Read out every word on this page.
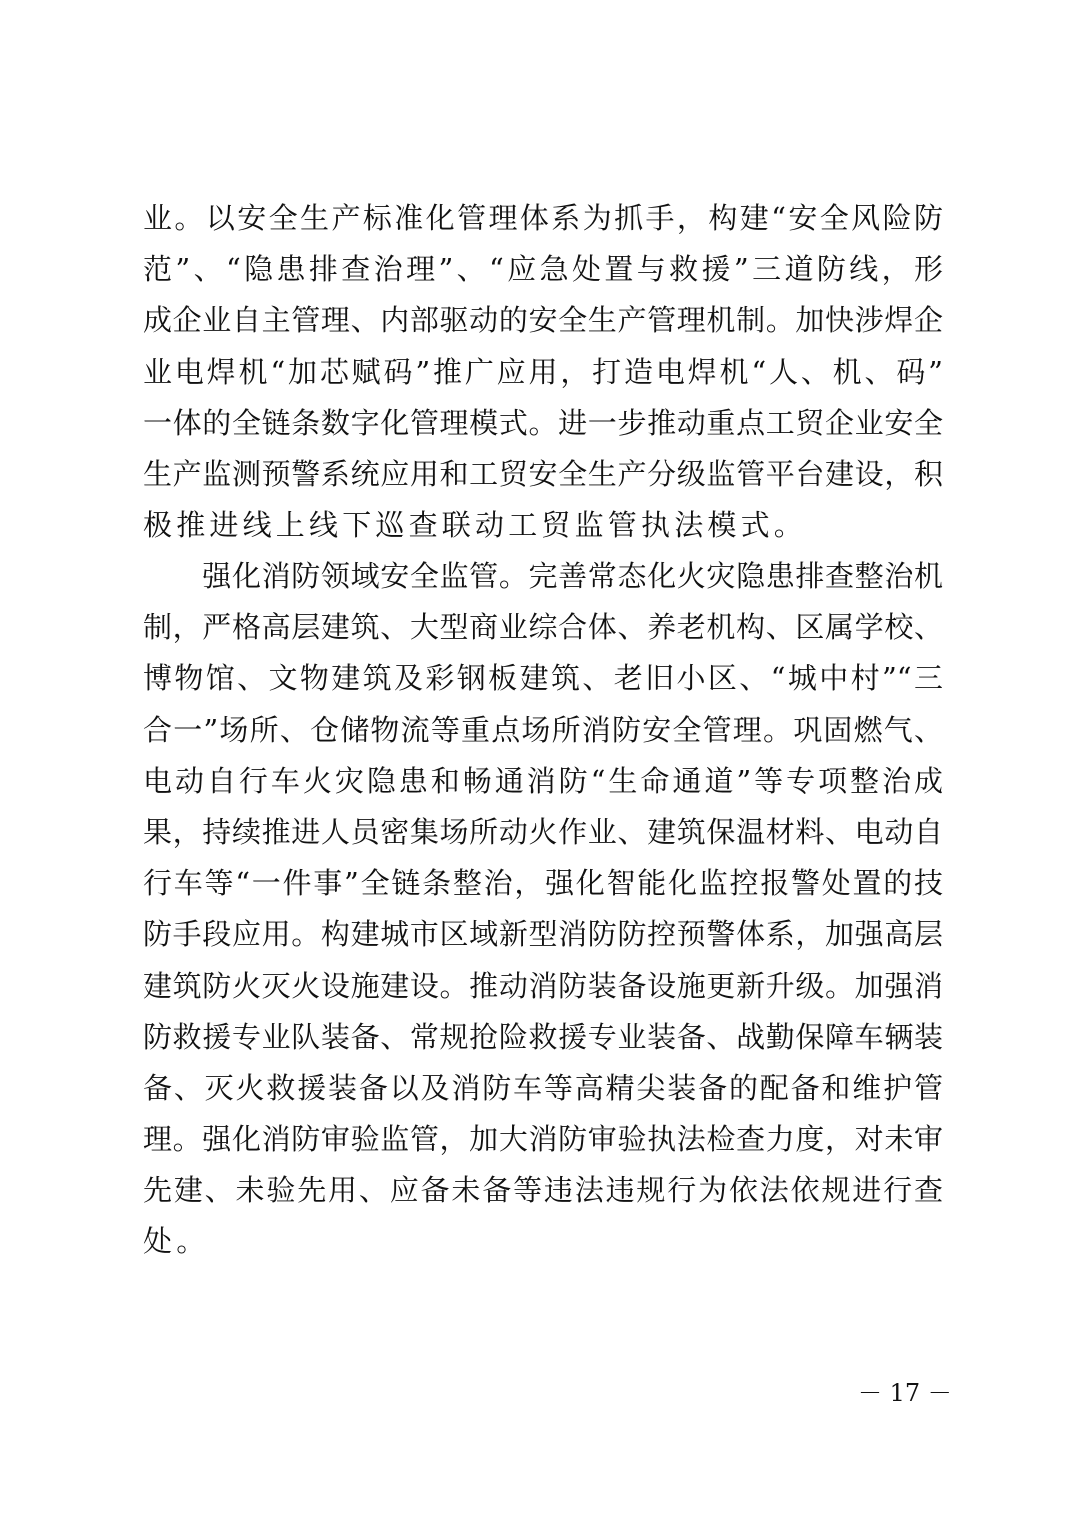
业。以安全生产标准化管理体系为抓手，构建“安全风险防
范”、“隐患排查治理”、“应急处置与救援”三道防线，形
成企业自主管理、内部驱动的安全生产管理机制。加快涉焊企
业电焊机“加芯赋码”推广应用，打造电焊机“人、机、码”
一体的全链条数字化管理模式。进一步推动重点工贸企业安全
生产监测预警系统应用和工贸安全生产分级监管平台建设，积
极推进线上线下巡查联动工贸监管执法模式。
　　强化消防领域安全监管。完善常态化火灾隐患排查整治机
制，严格高层建筑、大型商业综合体、养老机构、区属学校、
博物馆、文物建筑及彩钢板建筑、老旧小区、“城中村”“三
合一”场所、仓储物流等重点场所消防安全管理。巩固燃气、
电动自行车火灾隐患和畅通消防“生命通道”等专项整治成
果，持续推进人员密集场所动火作业、建筑保温材料、电动自
行车等“一件事”全链条整治，强化智能化监控报警处置的技
防手段应用。构建城市区域新型消防防控预警体系，加强高层
建筑防火灭火设施建设。推动消防装备设施更新升级。加强消
防救援专业队装备、常规抢险救援专业装备、战勤保障车辆装
备、灭火救援装备以及消防车等高精尖装备的配备和维护管
理。强化消防审验监管，加大消防审验执法检查力度，对未审
先建、未验先用、应备未备等违法违规行为依法依规进行查
处。
－ 17 －
